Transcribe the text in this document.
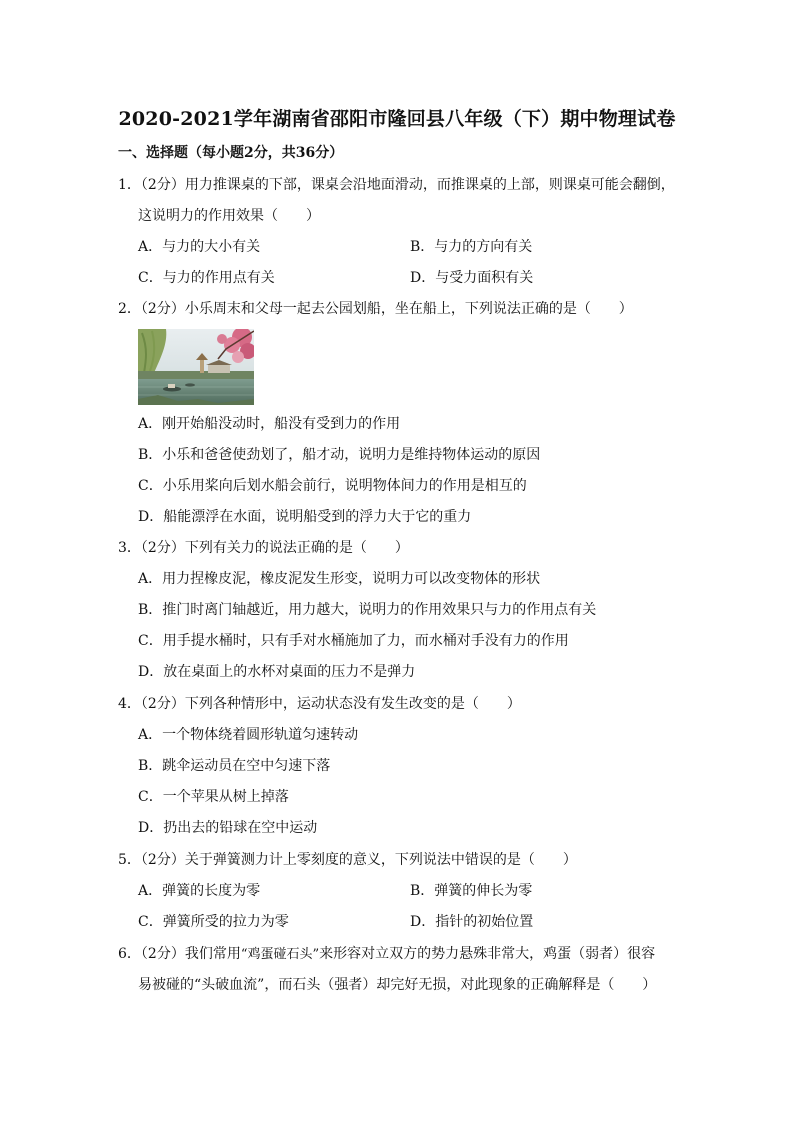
2020-2021学年湖南省邵阳市隆回县八年级（下）期中物理试卷
一、选择题（每小题2分，共36分）
1．（2分）用力推课桌的下部，课桌会沿地面滑动，而推课桌的上部，则课桌可能会翻倒，
这说明力的作用效果（　　）
A．与力的大小有关	B．与力的方向有关
C．与力的作用点有关	D．与受力面积有关
2．（2分）小乐周末和父母一起去公园划船，坐在船上，下列说法正确的是（　　）
A．刚开始船没动时，船没有受到力的作用
B．小乐和爸爸使劲划了，船才动，说明力是维持物体运动的原因
C．小乐用桨向后划水船会前行，说明物体间力的作用是相互的
D．船能漂浮在水面，说明船受到的浮力大于它的重力
3．（2分）下列有关力的说法正确的是（　　）
A．用力捏橡皮泥，橡皮泥发生形变，说明力可以改变物体的形状
B．推门时离门轴越近，用力越大，说明力的作用效果只与力的作用点有关
C．用手提水桶时，只有手对水桶施加了力，而水桶对手没有力的作用
D．放在桌面上的水杯对桌面的压力不是弹力
4．（2分）下列各种情形中，运动状态没有发生改变的是（　　）
A．一个物体绕着圆形轨道匀速转动
B．跳伞运动员在空中匀速下落
C．一个苹果从树上掉落
D．扔出去的铅球在空中运动
5．（2分）关于弹簧测力计上零刻度的意义，下列说法中错误的是（　　）
A．弹簧的长度为零	B．弹簧的伸长为零
C．弹簧所受的拉力为零	D．指针的初始位置
6．（2分）我们常用“鸡蛋碰石头”来形容对立双方的势力悬殊非常大，鸡蛋（弱者）很容
易被碰的“头破血流”，而石头（强者）却完好无损，对此现象的正确解释是（　　）
